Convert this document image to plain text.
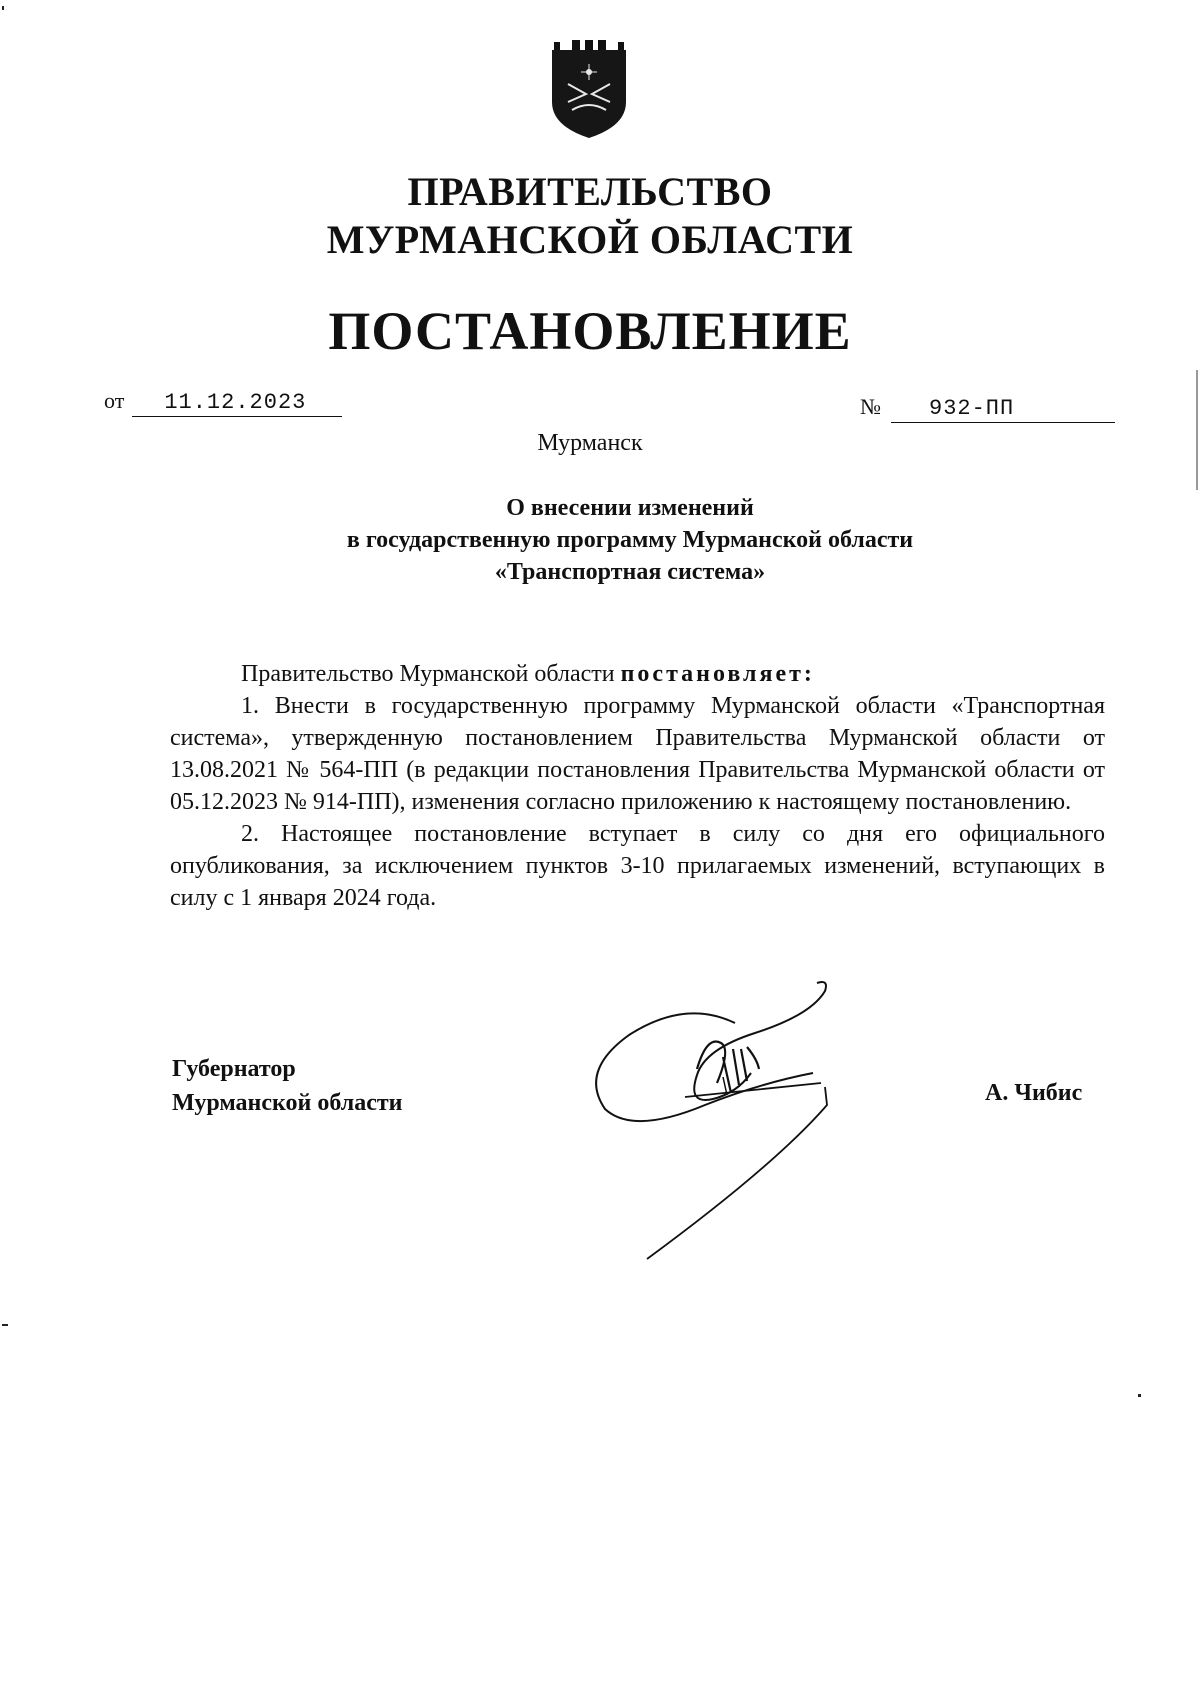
ПРАВИТЕЛЬСТВО
МУРМАНСКОЙ ОБЛАСТИ
ПОСТАНОВЛЕНИЕ
от 11.12.2023	№ 932-ПП
Мурманск
О внесении изменений
в государственную программу Мурманской области
«Транспортная система»

Правительство Мурманской области постановляет:

1. Внести в государственную программу Мурманской области «Транспортная система», утвержденную постановлением Правительства Мурманской области от 13.08.2021 № 564-ПП (в редакции постановления Правительства Мурманской области от 05.12.2023 № 914-ПП), изменения согласно приложению к настоящему постановлению.

2. Настоящее постановление вступает в силу со дня его официального опубликования, за исключением пунктов 3-10 прилагаемых изменений, вступающих в силу с 1 января 2024 года.

Губернатор
Мурманской области	А. Чибис
